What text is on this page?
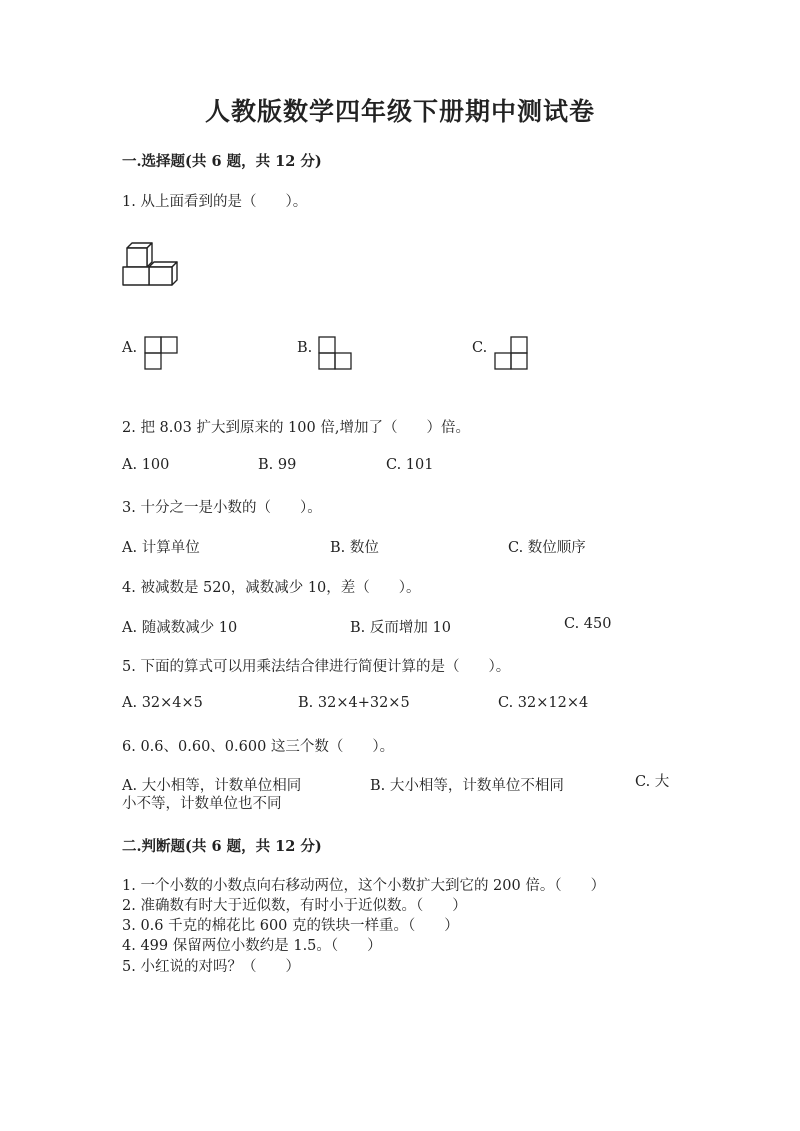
人教版数学四年级下册期中测试卷
一.选择题(共 6 题，共 12 分)
1. 从上面看到的是（　　）。
A.	B.	C.
2. 把 8.03 扩大到原来的 100 倍,增加了（　　）倍。
A. 100	B. 99	C. 101
3. 十分之一是小数的（　　）。
A. 计算单位	B. 数位	C. 数位顺序
4. 被减数是 520，减数减少 10，差（　　）。
A. 随减数减少 10	B. 反而增加 10	C. 450
5. 下面的算式可以用乘法结合律进行简便计算的是（　　）。
A. 32×4×5	B. 32×4+32×5	C. 32×12×4
6. 0.6、0.60、0.600 这三个数（　　）。
A. 大小相等，计数单位相同	B. 大小相等，计数单位不相同	C. 大小不等，计数单位也不同
二.判断题(共 6 题，共 12 分)
1. 一个小数的小数点向右移动两位，这个小数扩大到它的 200 倍。（　　）
2. 准确数有时大于近似数，有时小于近似数。（　　）
3. 0.6 千克的棉花比 600 克的铁块一样重。（　　）
4. 499 保留两位小数约是 1.5。（　　）
5. 小红说的对吗？（　　）
